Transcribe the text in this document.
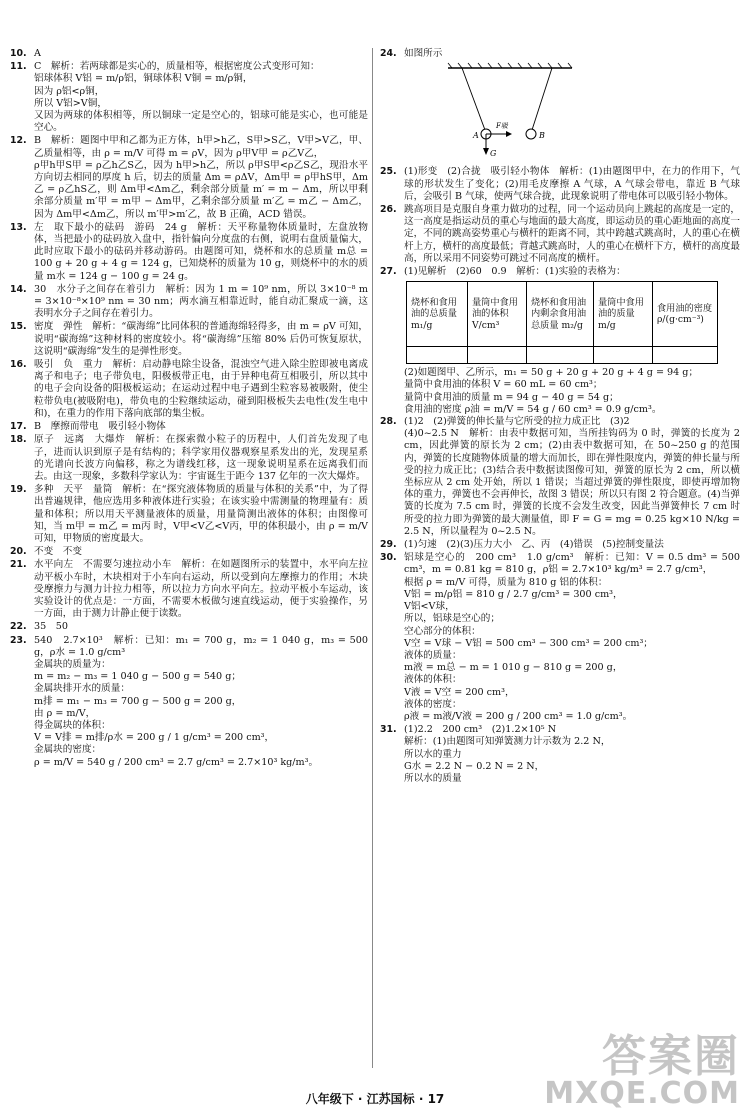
10. A
11. C　解析：若两球都是实心的，质量相等，根据密度公式变形可知：
铝球体积 V铝 = m/ρ铝，铜球体积 V铜 = m/ρ铜，
因为 ρ铝<ρ铜，
所以 V铝>V铜，
又因为两球的体积相等，所以铜球一定是空心的，铝球可能是实心，也可能是空心。
12. B　解析：题图中甲和乙都为正方体，h甲>h乙，S甲>S乙，V甲>V乙，甲、乙质量相等，由 ρ = m/V 可得 m = ρV，因为 ρ甲V甲 = ρ乙V乙，
ρ甲h甲S甲 = ρ乙h乙S乙，因为 h甲>h乙，所以 ρ甲S甲<ρ乙S乙，现沿水平方向切去相同的厚度 h 后，切去的质量 Δm = ρΔV，Δm甲 = ρ甲hS甲，Δm乙 = ρ乙hS乙，则 Δm甲<Δm乙，剩余部分质量 m′ = m − Δm，所以甲剩余部分质量 m′甲 = m甲 − Δm甲，乙剩余部分质量 m′乙 = m乙 − Δm乙，因为 Δm甲<Δm乙，所以 m′甲>m′乙，故 B 正确，ACD 错误。
13. 左　取下最小的砝码　游码　24 g　解析：天平称量物体质量时，左盘放物体，当把最小的砝码放入盘中，指针偏向分度盘的右侧，说明右盘质量偏大，此时应取下最小的砝码并移动游码。由题图可知，烧杯和水的总质量 m总 = 100 g + 20 g + 4 g = 124 g，已知烧杯的质量为 10 g，则烧杯中的水的质量 m水 = 124 g − 100 g = 24 g。
14. 30　水分子之间存在着引力　解析：因为 1 m = 10⁹ nm，所以 3×10⁻⁸ m = 3×10⁻⁸×10⁹ nm = 30 nm；两水滴互相靠近时，能自动汇聚成一滴，这表明水分子之间存在着引力。
15. 密度　弹性　解析：“碳海绵”比同体积的普通海绵轻得多，由 m = ρV 可知，说明“碳海绵”这种材料的密度较小。将“碳海绵”压缩 80% 后仍可恢复原状，这说明“碳海绵”发生的是弹性形变。
16. 吸引　负　重力　解析：启动静电除尘设备，混浊空气进入除尘腔即被电离成离子和电子；电子带负电，阳极板带正电，由于异种电荷互相吸引，所以其中的电子会向设备的阳极板运动；在运动过程中电子遇到尘粒容易被吸附，使尘粒带负电(被吸附电)，带负电的尘粒继续运动，碰到阳极板失去电性(发生电中和)，在重力的作用下落向底部的集尘板。
17. B　摩擦而带电　吸引轻小物体
18. 原子　远离　大爆炸　解析：在探索微小粒子的历程中，人们首先发现了电子，进而认识到原子是有结构的；科学家用仪器观察星系发出的光，发现星系的光谱向长波方向偏移，称之为谱线红移，这一现象说明星系在远离我们而去。由这一现象，多数科学家认为：宇宙诞生于距今 137 亿年的一次大爆炸。
19. 多种　天平　量筒　解析：在“探究液体物质的质量与体积的关系”中，为了得出普遍规律，他应选用多种液体进行实验；在该实验中需测量的物理量有：质量和体积；所以用天平测量液体的质量，用量筒测出液体的体积；由图像可知，当 m甲 = m乙 = m丙 时，V甲<V乙<V丙，甲的体积最小，由 ρ = m/V 可知，甲物质的密度最大。
20. 不变　不变
21. 水平向左　不需要匀速拉动小车　解析：在如题图所示的装置中，水平向左拉动平板小车时，木块相对于小车向右运动，所以受到向左摩擦力的作用；木块受摩擦力与测力计拉力相等，所以拉力方向水平向左。拉动平板小车运动，该实验设计的优点是：一方面，不需要木板做匀速直线运动，便于实验操作，另一方面，由于测力计静止便于读数。
22. 35　50
23. 540　2.7×10³　解析：已知：m₁ = 700 g，m₂ = 1 040 g，m₃ = 500 g，ρ水 = 1.0 g/cm³
金属块的质量为：
m = m₂ − m₃ = 1 040 g − 500 g = 540 g；
金属块排开水的质量：
m排 = m₁ − m₃ = 700 g − 500 g = 200 g，
由 ρ = m/V，
得金属块的体积：
V = V排 = m排/ρ水 = 200 g / 1 g/cm³ = 200 cm³，
金属块的密度：
ρ = m/V = 540 g / 200 cm³ = 2.7 g/cm³ = 2.7×10³ kg/m³。
24. 如图所示
A	B
F吸
G
25. (1)形变　(2)合拢　吸引轻小物体　解析：(1)由题图甲中，在力的作用下，气球的形状发生了变化；(2)用毛皮摩擦 A 气球，A 气球会带电，靠近 B 气球后，会吸引 B 气球，使两气球合拢，此现象说明了带电体可以吸引轻小物体。
26. 跳高项目是克服自身重力做功的过程，同一个运动员向上跳起的高度是一定的，这一高度是指运动员的重心与地面的最大高度，即运动员的重心距地面的高度一定，不同的跳高姿势重心与横杆的距离不同，其中跨越式跳高时，人的重心在横杆上方，横杆的高度最低；背越式跳高时，人的重心在横杆下方，横杆的高度最高，所以采用不同姿势可跳过不同高度的横杆。
27. (1)见解析　(2)60　0.9　解析：(1)实验的表格为：
烧杯和食用油的总质量 m₁/g	量筒中食用油的体积 V/cm³	烧杯和食用油内剩余食用油总质量 m₂/g	量筒中食用油的质量 m/g	食用油的密度 ρ/(g·cm⁻³)

(2)如题图甲、乙所示，m₁ = 50 g + 20 g + 20 g + 4 g = 94 g；
量筒中食用油的体积 V = 60 mL = 60 cm³；
量筒中食用油的质量 m = 94 g − 40 g = 54 g；
食用油的密度 ρ油 = m/V = 54 g / 60 cm³ = 0.9 g/cm³。
28. (1)2　(2)弹簧的伸长量与它所受的拉力成正比　(3)2
(4)0~2.5 N　解析：由表中数据可知，当所挂钩码为 0 时，弹簧的长度为 2 cm，因此弹簧的原长为 2 cm；(2)由表中数据可知，在 50~250 g 的范围内，弹簧的长度随物体质量的增大而加长，即在弹性限度内，弹簧的伸长量与所受的拉力成正比；(3)结合表中数据读图像可知，弹簧的原长为 2 cm，所以横坐标应从 2 cm 处开始，所以 1 错误；当超过弹簧的弹性限度，即使再增加物体的重力，弹簧也不会再伸长，故图 3 错误；所以只有图 2 符合题意。(4)当弹簧的长度为 7.5 cm 时，弹簧的长度不会发生改变，因此当弹簧伸长 7 cm 时所受的拉力即为弹簧的最大测量值，即 F = G = mg = 0.25 kg×10 N/kg = 2.5 N，所以量程为 0~2.5 N。
29. (1)匀速　(2)(3)压力大小　乙、丙　(4)错误　(5)控制变量法
30. 铝球是空心的　200 cm³　1.0 g/cm³　解析：已知：V = 0.5 dm³ = 500 cm³，m = 0.81 kg = 810 g，ρ铝 = 2.7×10³ kg/m³ = 2.7 g/cm³，
根据 ρ = m/V 可得，质量为 810 g 铝的体积：
V铝 = m/ρ铝 = 810 g / 2.7 g/cm³ = 300 cm³，
V铝<V球，
所以，铝球是空心的；
空心部分的体积：
V空 = V球 − V铝 = 500 cm³ − 300 cm³ = 200 cm³；
液体的质量：
m液 = m总 − m = 1 010 g − 810 g = 200 g，
液体的体积：
V液 = V空 = 200 cm³，
液体的密度：
ρ液 = m液/V液 = 200 g / 200 cm³ = 1.0 g/cm³。
31. (1)2.2　200 cm³　(2)1.2×10⁵ N
解析：(1)由题图可知弹簧测力计示数为 2.2 N，
所以水的重力
G水 = 2.2 N − 0.2 N = 2 N，
所以水的质量
八年级下 · 江苏国标 · 17
答案圈
MXQE.COM
